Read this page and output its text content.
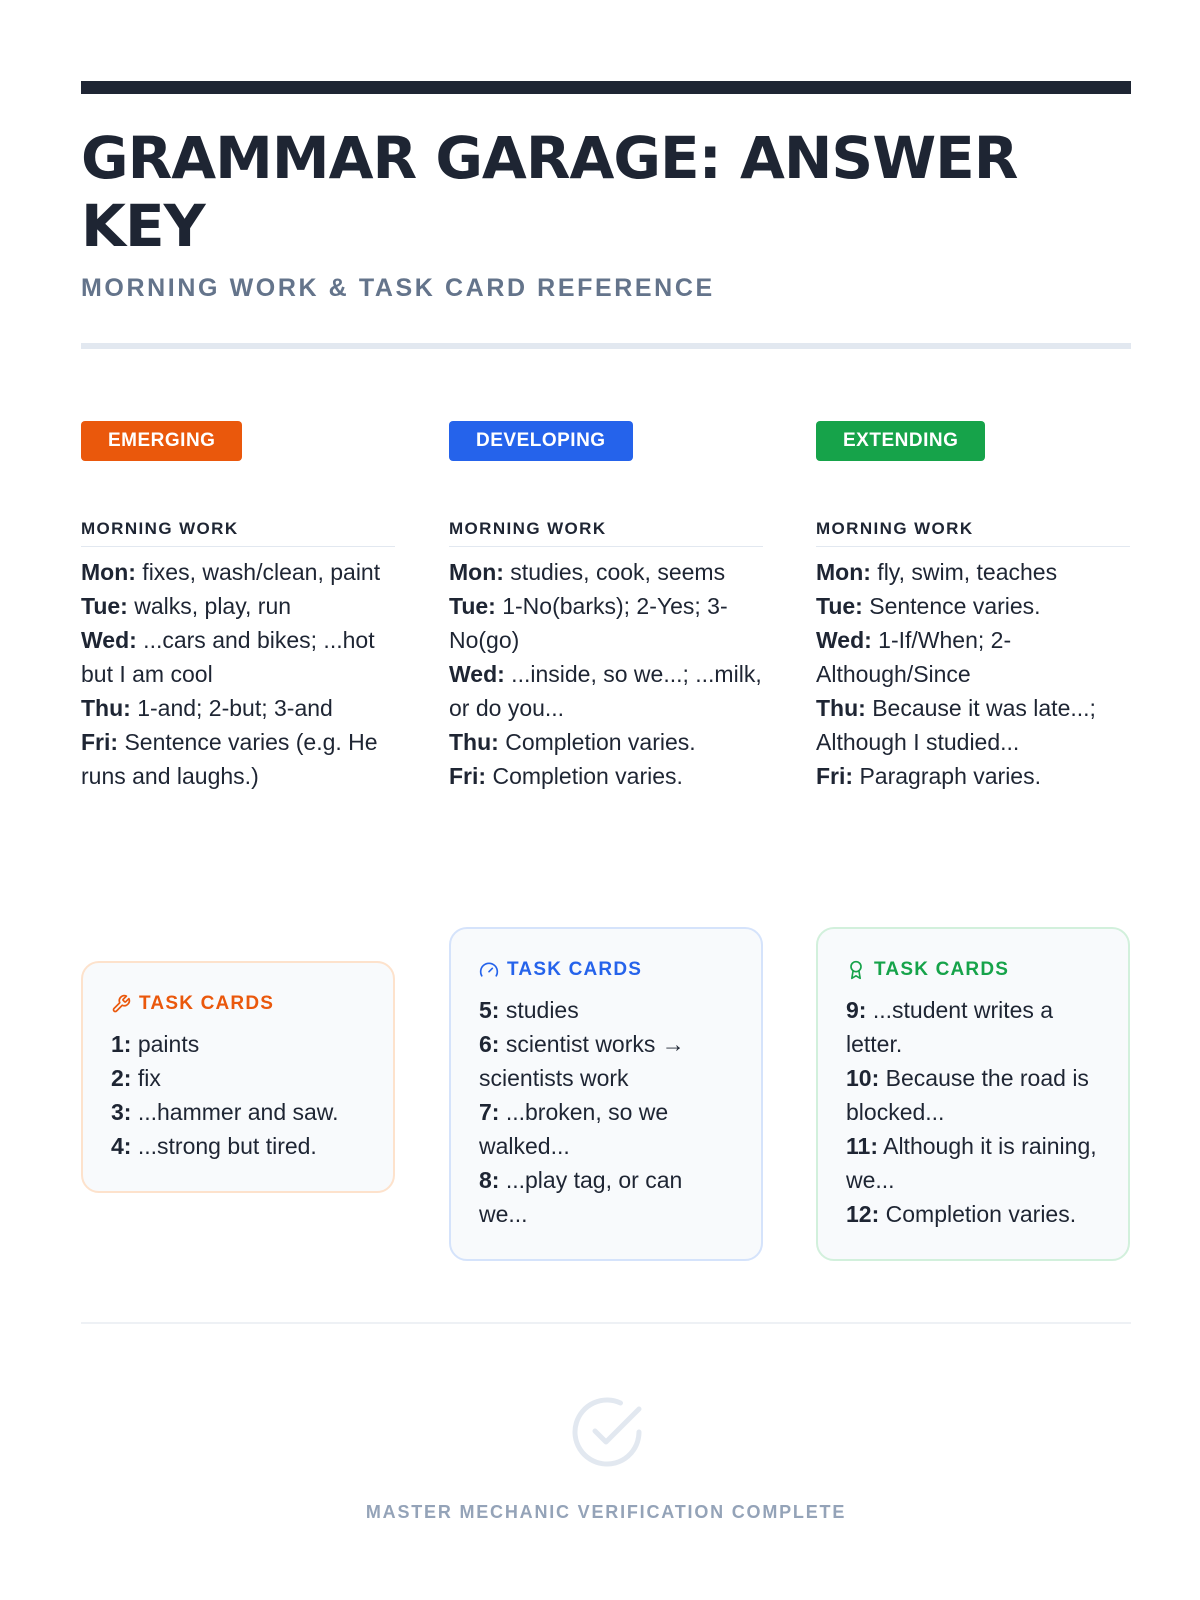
GRAMMAR GARAGE: ANSWER KEY
MORNING WORK & TASK CARD REFERENCE
EMERGING
MORNING WORK
Mon: fixes, wash/clean, paint
Tue: walks, play, run
Wed: ...cars and bikes; ...hot but I am cool
Thu: 1-and; 2-but; 3-and
Fri: Sentence varies (e.g. He runs and laughs.)
TASK CARDS
1: paints
2: fix
3: ...hammer and saw.
4: ...strong but tired.
DEVELOPING
MORNING WORK
Mon: studies, cook, seems
Tue: 1-No(barks); 2-Yes; 3-No(go)
Wed: ...inside, so we...; ...milk, or do you...
Thu: Completion varies.
Fri: Completion varies.
TASK CARDS
5: studies
6: scientist works → scientists work
7: ...broken, so we walked...
8: ...play tag, or can we...
EXTENDING
MORNING WORK
Mon: fly, swim, teaches
Tue: Sentence varies.
Wed: 1-If/When; 2-Although/Since
Thu: Because it was late...; Although I studied...
Fri: Paragraph varies.
TASK CARDS
9: ...student writes a letter.
10: Because the road is blocked...
11: Although it is raining, we...
12: Completion varies.
MASTER MECHANIC VERIFICATION COMPLETE
